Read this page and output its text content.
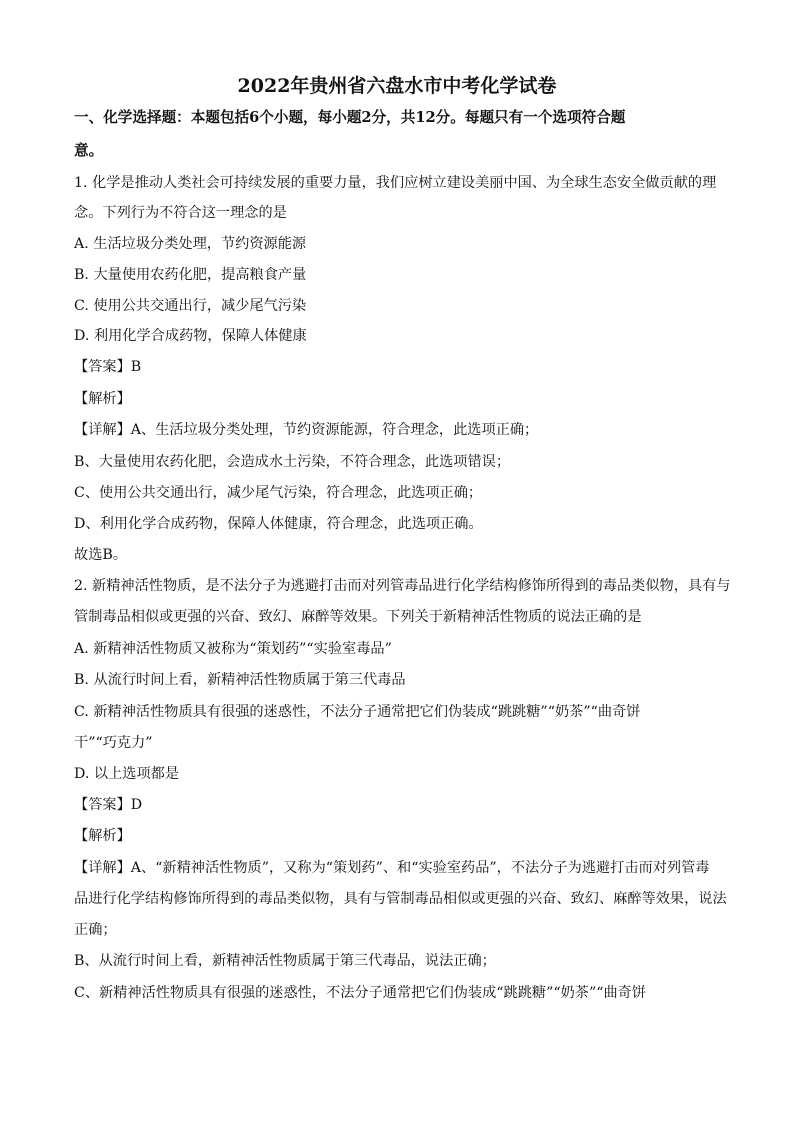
2022年贵州省六盘水市中考化学试卷
一、化学选择题：本题包括6个小题，每小题2分，共12分。每题只有一个选项符合题
意。
1. 化学是推动人类社会可持续发展的重要力量，我们应树立建设美丽中国、为全球生态安全做贡献的理
念。下列行为不符合这一理念的是
A. 生活垃圾分类处理，节约资源能源
B. 大量使用农药化肥，提高粮食产量
C. 使用公共交通出行，减少尾气污染
D. 利用化学合成药物，保障人体健康
【答案】B
【解析】
【详解】A、生活垃圾分类处理，节约资源能源，符合理念，此选项正确；
B、大量使用农药化肥，会造成水土污染，不符合理念，此选项错误；
C、使用公共交通出行，减少尾气污染，符合理念，此选项正确；
D、利用化学合成药物，保障人体健康，符合理念，此选项正确。
故选B。
2. 新精神活性物质，是不法分子为逃避打击而对列管毒品进行化学结构修饰所得到的毒品类似物，具有与
管制毒品相似或更强的兴奋、致幻、麻醉等效果。下列关于新精神活性物质的说法正确的是
A. 新精神活性物质又被称为“策划药”“实验室毒品”
B. 从流行时间上看，新精神活性物质属于第三代毒品
C. 新精神活性物质具有很强的迷惑性，不法分子通常把它们伪装成“跳跳糖”“奶茶”“曲奇饼
干”“巧克力”
D. 以上选项都是
【答案】D
【解析】
【详解】A、“新精神活性物质”，又称为“策划药”、和“实验室药品”，不法分子为逃避打击而对列管毒
品进行化学结构修饰所得到的毒品类似物，具有与管制毒品相似或更强的兴奋、致幻、麻醉等效果，说法
正确；
B、从流行时间上看，新精神活性物质属于第三代毒品，说法正确；
C、新精神活性物质具有很强的迷惑性，不法分子通常把它们伪装成“跳跳糖”“奶茶”“曲奇饼
